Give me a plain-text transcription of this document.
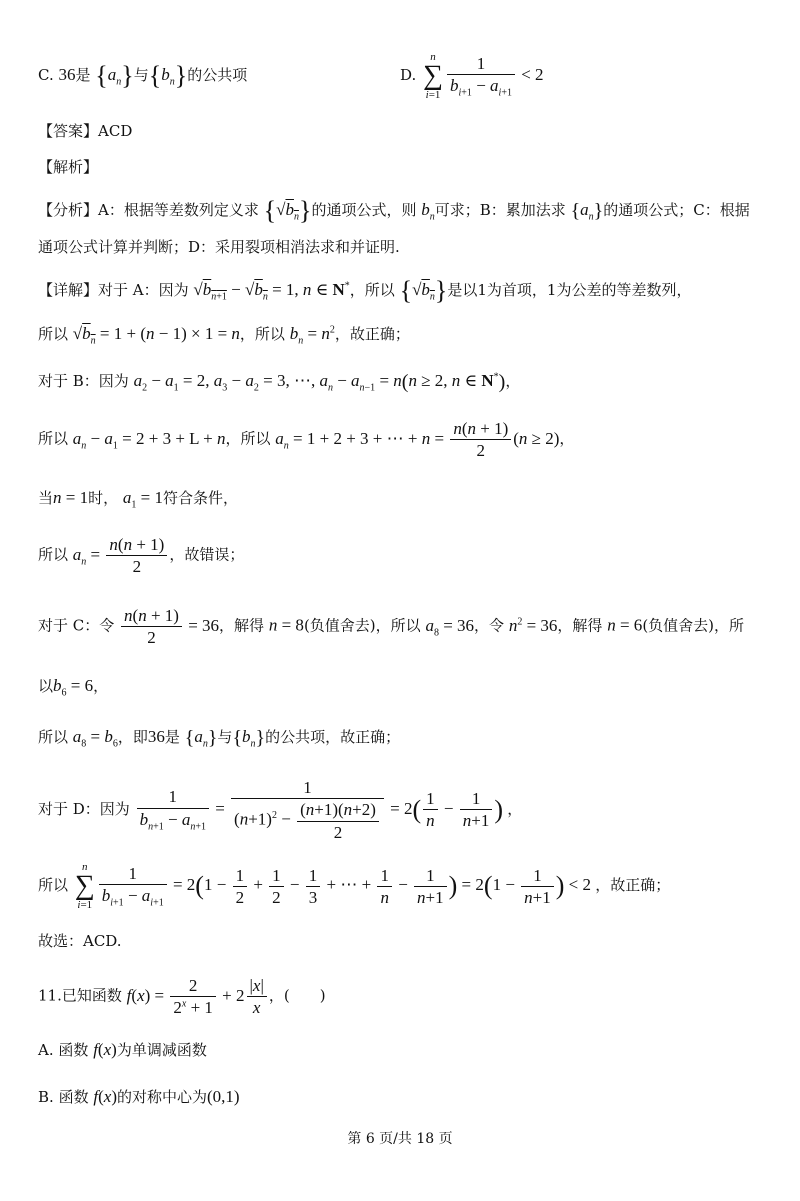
C. 36是 $\{a_n\}$与$\{b_n\}$的公共项	D. n
∑
$i=1 \frac{1}{b_{i+1} - a_{i+1}} < 2$
【答案】ACD
【解析】
【分析】A：根据等差数列定义求 $\{√b_n\}$的通项公式，则 $b_n$可求；B：累加法求 $\{a_n\}$的通项公式；C：根据
通项公式计算并判断；D：采用裂项相消法求和并证明.
【详解】对于 A：因为 $√b_{n+1} - √b_n = 1$, n ∈ N*，所以 $\{√b_n\}$是以1为首项，1为公差的等差数列，
所以 $√b_n = 1 + (n - 1) \times 1 = n$，所以 $b_n = n^2$，故正确；
对于 B：因为 $a_2 - a_1 = 2$, $a_3 - a_2 = 3$, ⋯, $a_n - a_{n-1} = n(n \ge 2$, n ∈ N*)，
所以 $a_n - a_1 = 2 + 3 + L + n$，所以 $a_n = 1 + 2 + 3$ + ⋯ + $n = \frac{n(n + 1)}{2} (n \ge 2)$，
当n = 1时， $a_1 = 1$符合条件，
所以 $a_n = \frac{n(n + 1)}{2}$ ，故错误；
对于 C：令 $\frac{n(n + 1)}{2} = 36$，解得 n = 8(负值舍去)，所以 $a_8 = 36$，令 $n^2 = 36$，解得 n = 6(负值舍去)，所
以$b_6 = 6$，
所以 $a_8 = b_6$，即36是 $\{a_n\}$与$\{b_n\}$的公共项，故正确；
对于 D：因为 $\frac{1}{b_{n+1} - a_{n+1}} = \frac{1}{(n+1)^2 - \frac{(n+1)(n+2)}{2}} = 2( \frac{1}{n} - \frac{1}{n+1}$ ) ，
所以 n
∑
$i=1 \frac{1}{b_{i+1} - a_{i+1}} = 2(1 - \frac{1}{2} + \frac{1}{2} - \frac{1}{3}$ + ⋯ + $\frac{1}{n} - \frac{1}{n+1}$ ) = $2(1 - \frac{1}{n+1}$ ) < 2 ，故正确；
故选：ACD.
11.已知函数 $f(x) = \frac{2}{2^x + 1} + 2 \frac{|x|}{x}$ ，(　　)
A. 函数 f(x)为单调减函数
B. 函数 f(x)的对称中心为(0,1)
第 6 页/共 18 页
